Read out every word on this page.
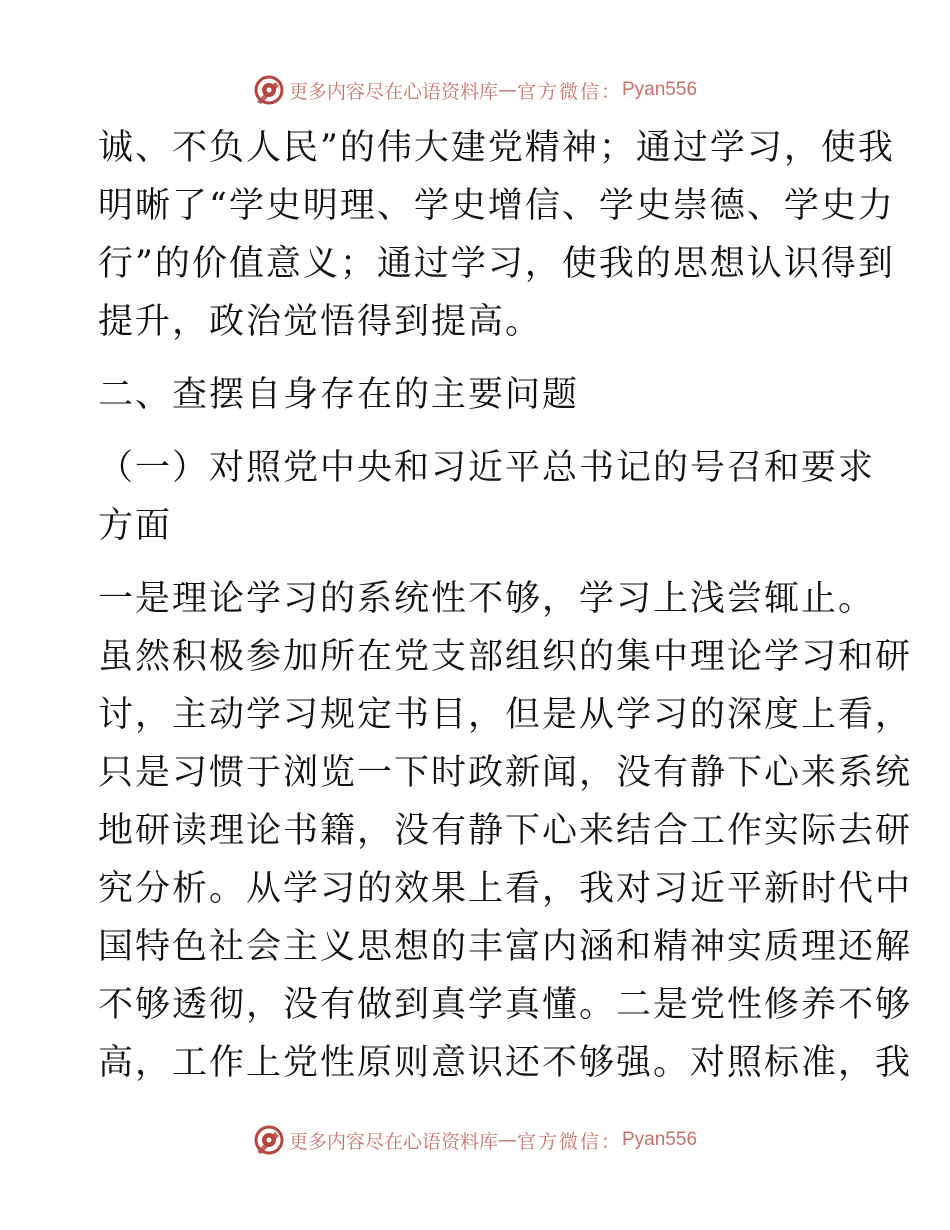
更多内容尽在心语资料库 — 官方微信： Pyan556
诚、不负人民”的伟大建党精神；通过学习，使我
明晰了“学史明理、学史增信、学史崇德、学史力
行”的价值意义；通过学习，使我的思想认识得到
提升，政治觉悟得到提高。
二、查摆自身存在的主要问题
（一）对照党中央和习近平总书记的号召和要求
方面
一是理论学习的系统性不够，学习上浅尝辄止。
虽然积极参加所在党支部组织的集中理论学习和研
讨，主动学习规定书目，但是从学习的深度上看，
只是习惯于浏览一下时政新闻，没有静下心来系统
地研读理论书籍，没有静下心来结合工作实际去研
究分析。从学习的效果上看，我对习近平新时代中
国特色社会主义思想的丰富内涵和精神实质理还解
不够透彻，没有做到真学真懂。二是党性修养不够
高，工作上党性原则意识还不够强。对照标准，我
更多内容尽在心语资料库 — 官方微信： Pyan556
